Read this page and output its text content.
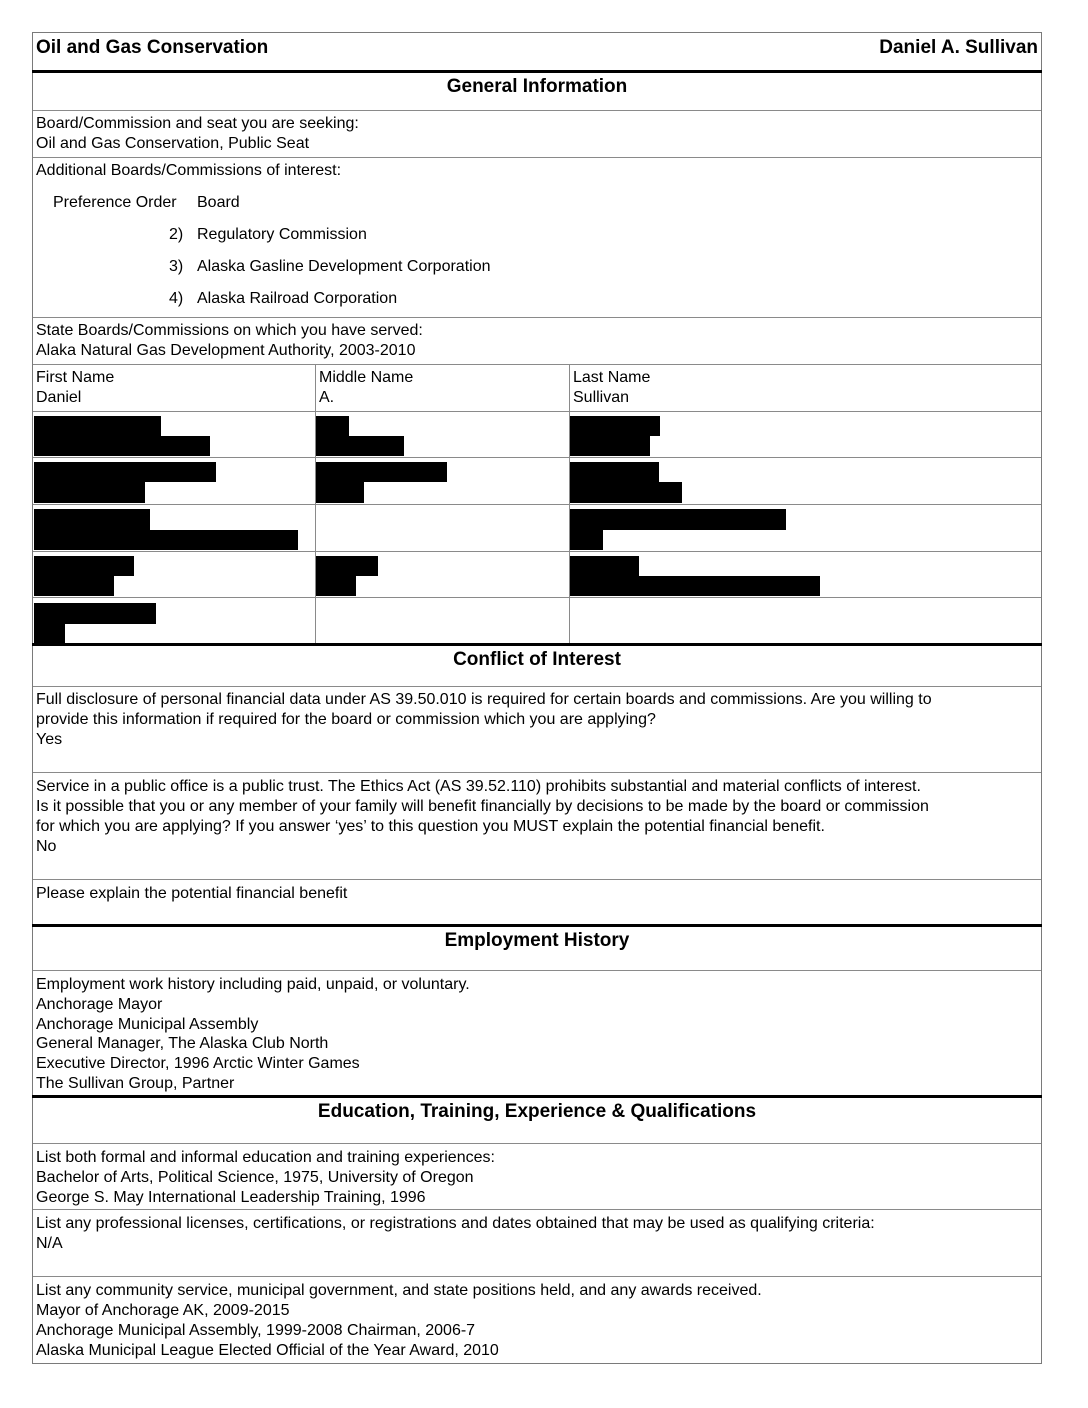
Oil and Gas Conservation	Daniel A. Sullivan
General Information
Board/Commission and seat you are seeking:
Oil and Gas Conservation, Public Seat
Additional Boards/Commissions of interest:
Preference Order Board
2) Regulatory Commission
3) Alaska Gasline Development Corporation
4) Alaska Railroad Corporation
State Boards/Commissions on which you have served:
Alaka Natural Gas Development Authority, 2003-2010
First Name
Daniel
Middle Name
A.
Last Name
Sullivan
Conflict of Interest
Full disclosure of personal financial data under AS 39.50.010 is required for certain boards and commissions. Are you willing to
provide this information if required for the board or commission which you are applying?
Yes
Service in a public office is a public trust. The Ethics Act (AS 39.52.110) prohibits substantial and material conflicts of interest.
Is it possible that you or any member of your family will benefit financially by decisions to be made by the board or commission
for which you are applying? If you answer ‘yes’ to this question you MUST explain the potential financial benefit.
No
Please explain the potential financial benefit
Employment History
Employment work history including paid, unpaid, or voluntary.
Anchorage Mayor
Anchorage Municipal Assembly
General Manager, The Alaska Club North
Executive Director, 1996 Arctic Winter Games
The Sullivan Group, Partner
Education, Training, Experience & Qualifications
List both formal and informal education and training experiences:
Bachelor of Arts, Political Science, 1975, University of Oregon
George S. May International Leadership Training, 1996
List any professional licenses, certifications, or registrations and dates obtained that may be used as qualifying criteria:
N/A
List any community service, municipal government, and state positions held, and any awards received.
Mayor of Anchorage AK, 2009-2015
Anchorage Municipal Assembly, 1999-2008 Chairman, 2006-7
Alaska Municipal League Elected Official of the Year Award, 2010
